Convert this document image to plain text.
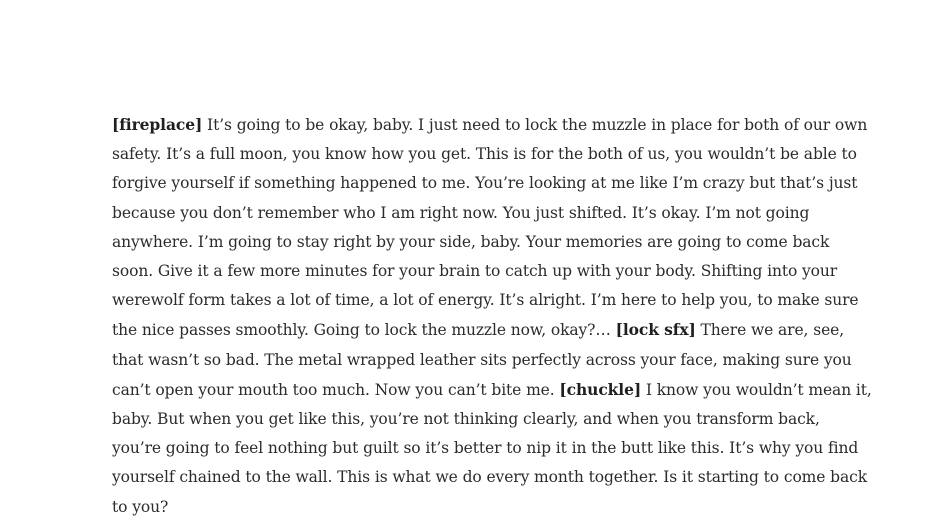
[fireplace] It’s going to be okay, baby. I just need to lock the muzzle in place for both of our own
safety. It’s a full moon, you know how you get. This is for the both of us, you wouldn’t be able to
forgive yourself if something happened to me. You’re looking at me like I’m crazy but that’s just
because you don’t remember who I am right now. You just shifted. It’s okay. I’m not going
anywhere. I’m going to stay right by your side, baby. Your memories are going to come back
soon. Give it a few more minutes for your brain to catch up with your body. Shifting into your
werewolf form takes a lot of time, a lot of energy. It’s alright. I’m here to help you, to make sure
the nice passes smoothly. Going to lock the muzzle now, okay?… [lock sfx] There we are, see,
that wasn’t so bad. The metal wrapped leather sits perfectly across your face, making sure you
can’t open your mouth too much. Now you can’t bite me. [chuckle] I know you wouldn’t mean it,
baby. But when you get like this, you’re not thinking clearly, and when you transform back,
you’re going to feel nothing but guilt so it’s better to nip it in the butt like this. It’s why you find
yourself chained to the wall. This is what we do every month together. Is it starting to come back
to you?
